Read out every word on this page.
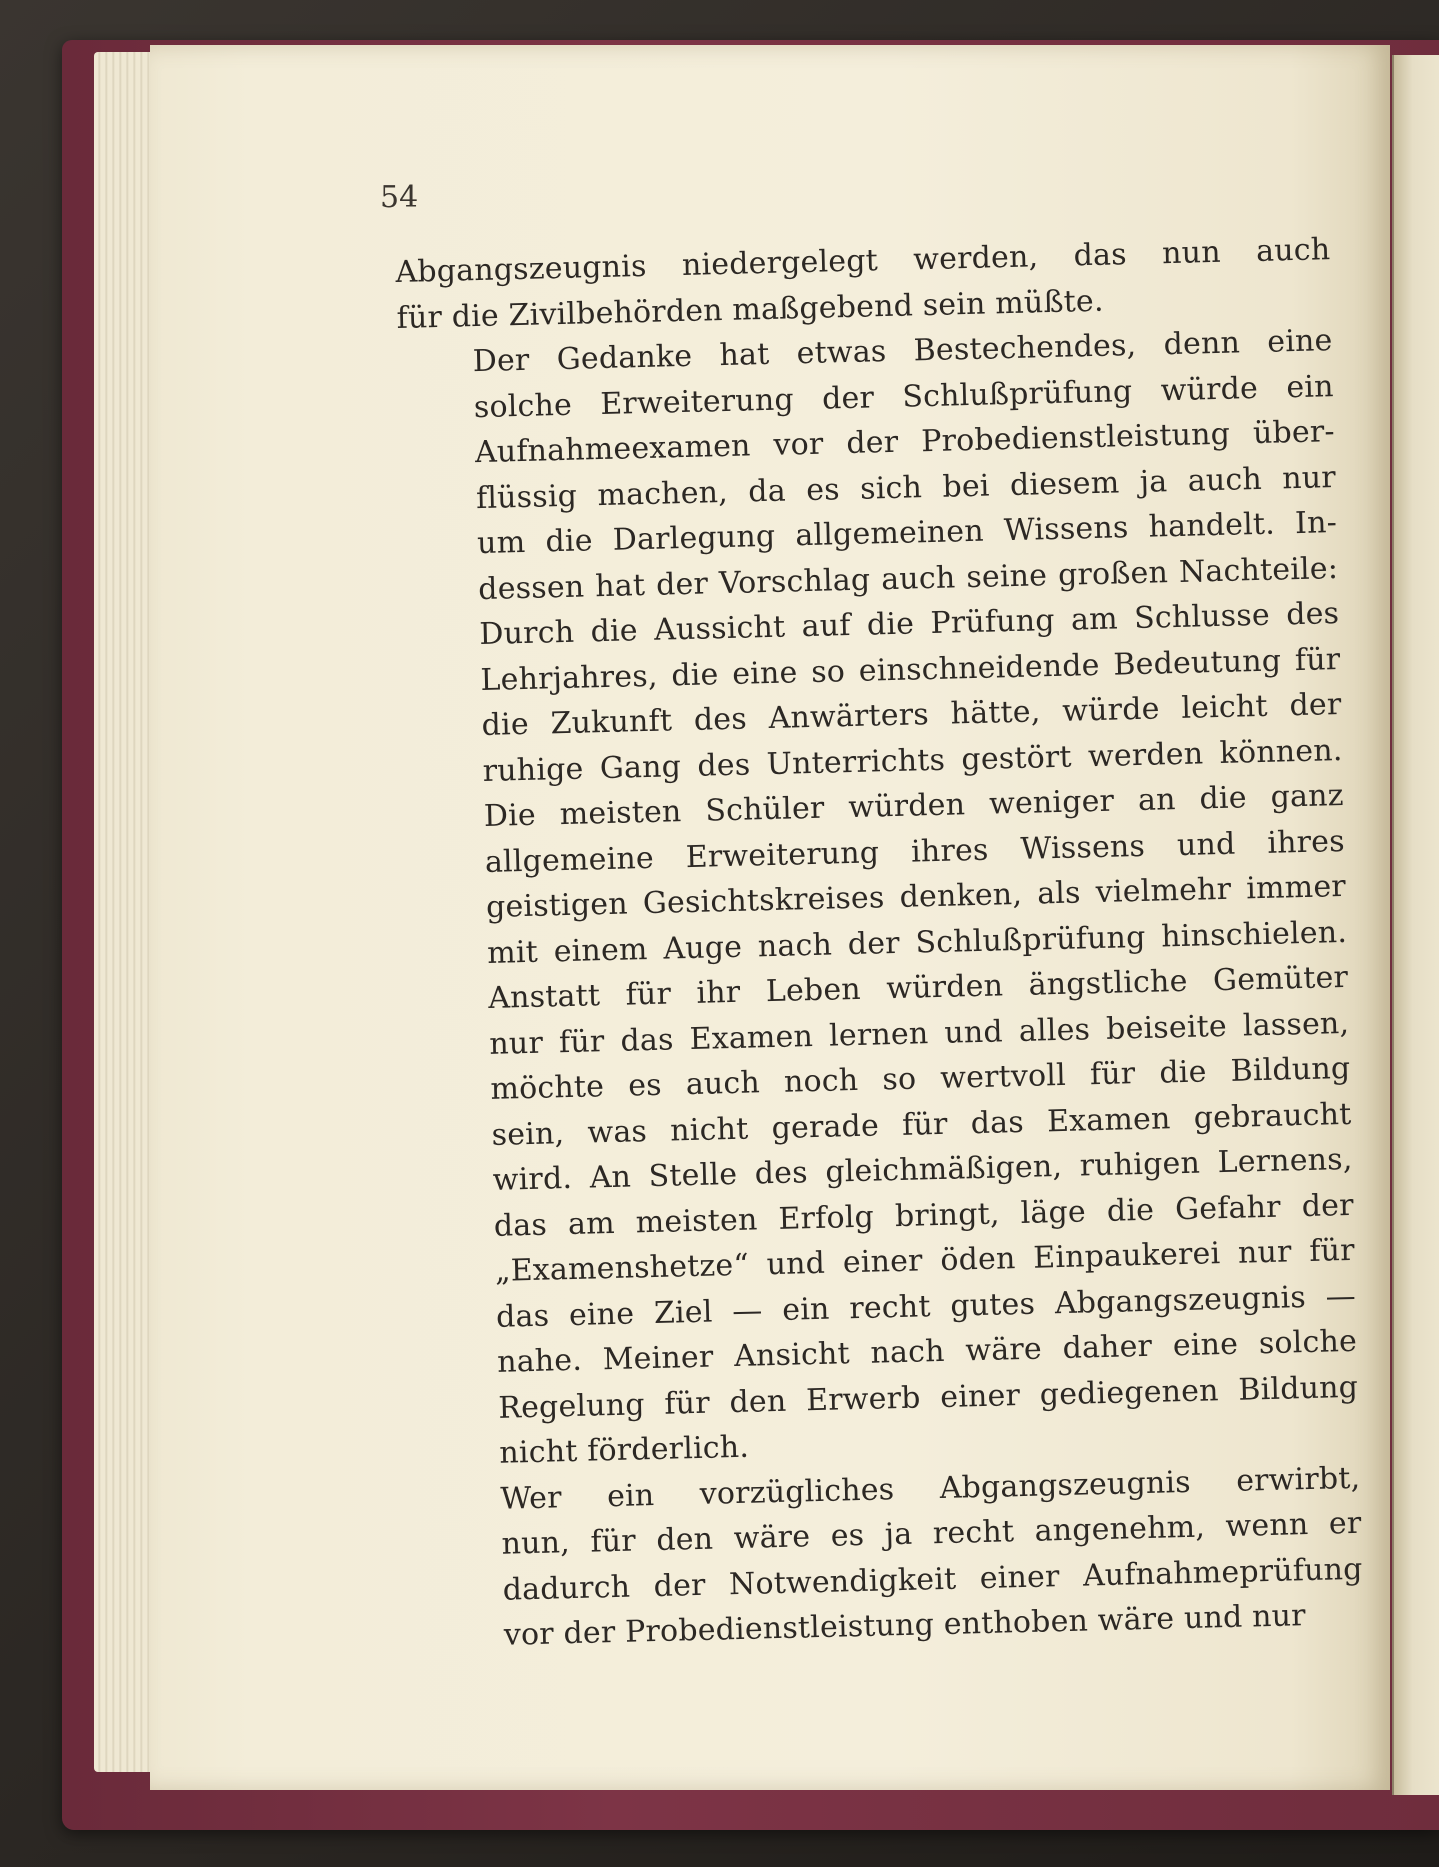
54

Abgangszeugnis niedergelegt werden, das nun auch
für die Zivilbehörden maßgebend sein müßte.

Der Gedanke hat etwas Bestechendes, denn eine
solche Erweiterung der Schlußprüfung würde ein
Aufnahmeexamen vor der Probedienstleistung über-
flüssig machen, da es sich bei diesem ja auch nur
um die Darlegung allgemeinen Wissens handelt. In-
dessen hat der Vorschlag auch seine großen Nachteile:
Durch die Aussicht auf die Prüfung am Schlusse des
Lehrjahres, die eine so einschneidende Bedeutung für
die Zukunft des Anwärters hätte, würde leicht der
ruhige Gang des Unterrichts gestört werden können.
Die meisten Schüler würden weniger an die ganz
allgemeine Erweiterung ihres Wissens und ihres
geistigen Gesichtskreises denken, als vielmehr immer
mit einem Auge nach der Schlußprüfung hinschielen.
Anstatt für ihr Leben würden ängstliche Gemüter
nur für das Examen lernen und alles beiseite lassen,
möchte es auch noch so wertvoll für die Bildung
sein, was nicht gerade für das Examen gebraucht
wird. An Stelle des gleichmäßigen, ruhigen Lernens,
das am meisten Erfolg bringt, läge die Gefahr der
„Examenshetze“ und einer öden Einpaukerei nur für
das eine Ziel — ein recht gutes Abgangszeugnis —
nahe. Meiner Ansicht nach wäre daher eine solche
Regelung für den Erwerb einer gediegenen Bildung
nicht förderlich.

Wer ein vorzügliches Abgangszeugnis erwirbt,
nun, für den wäre es ja recht angenehm, wenn er
dadurch der Notwendigkeit einer Aufnahmeprüfung
vor der Probedienstleistung enthoben wäre und nur
